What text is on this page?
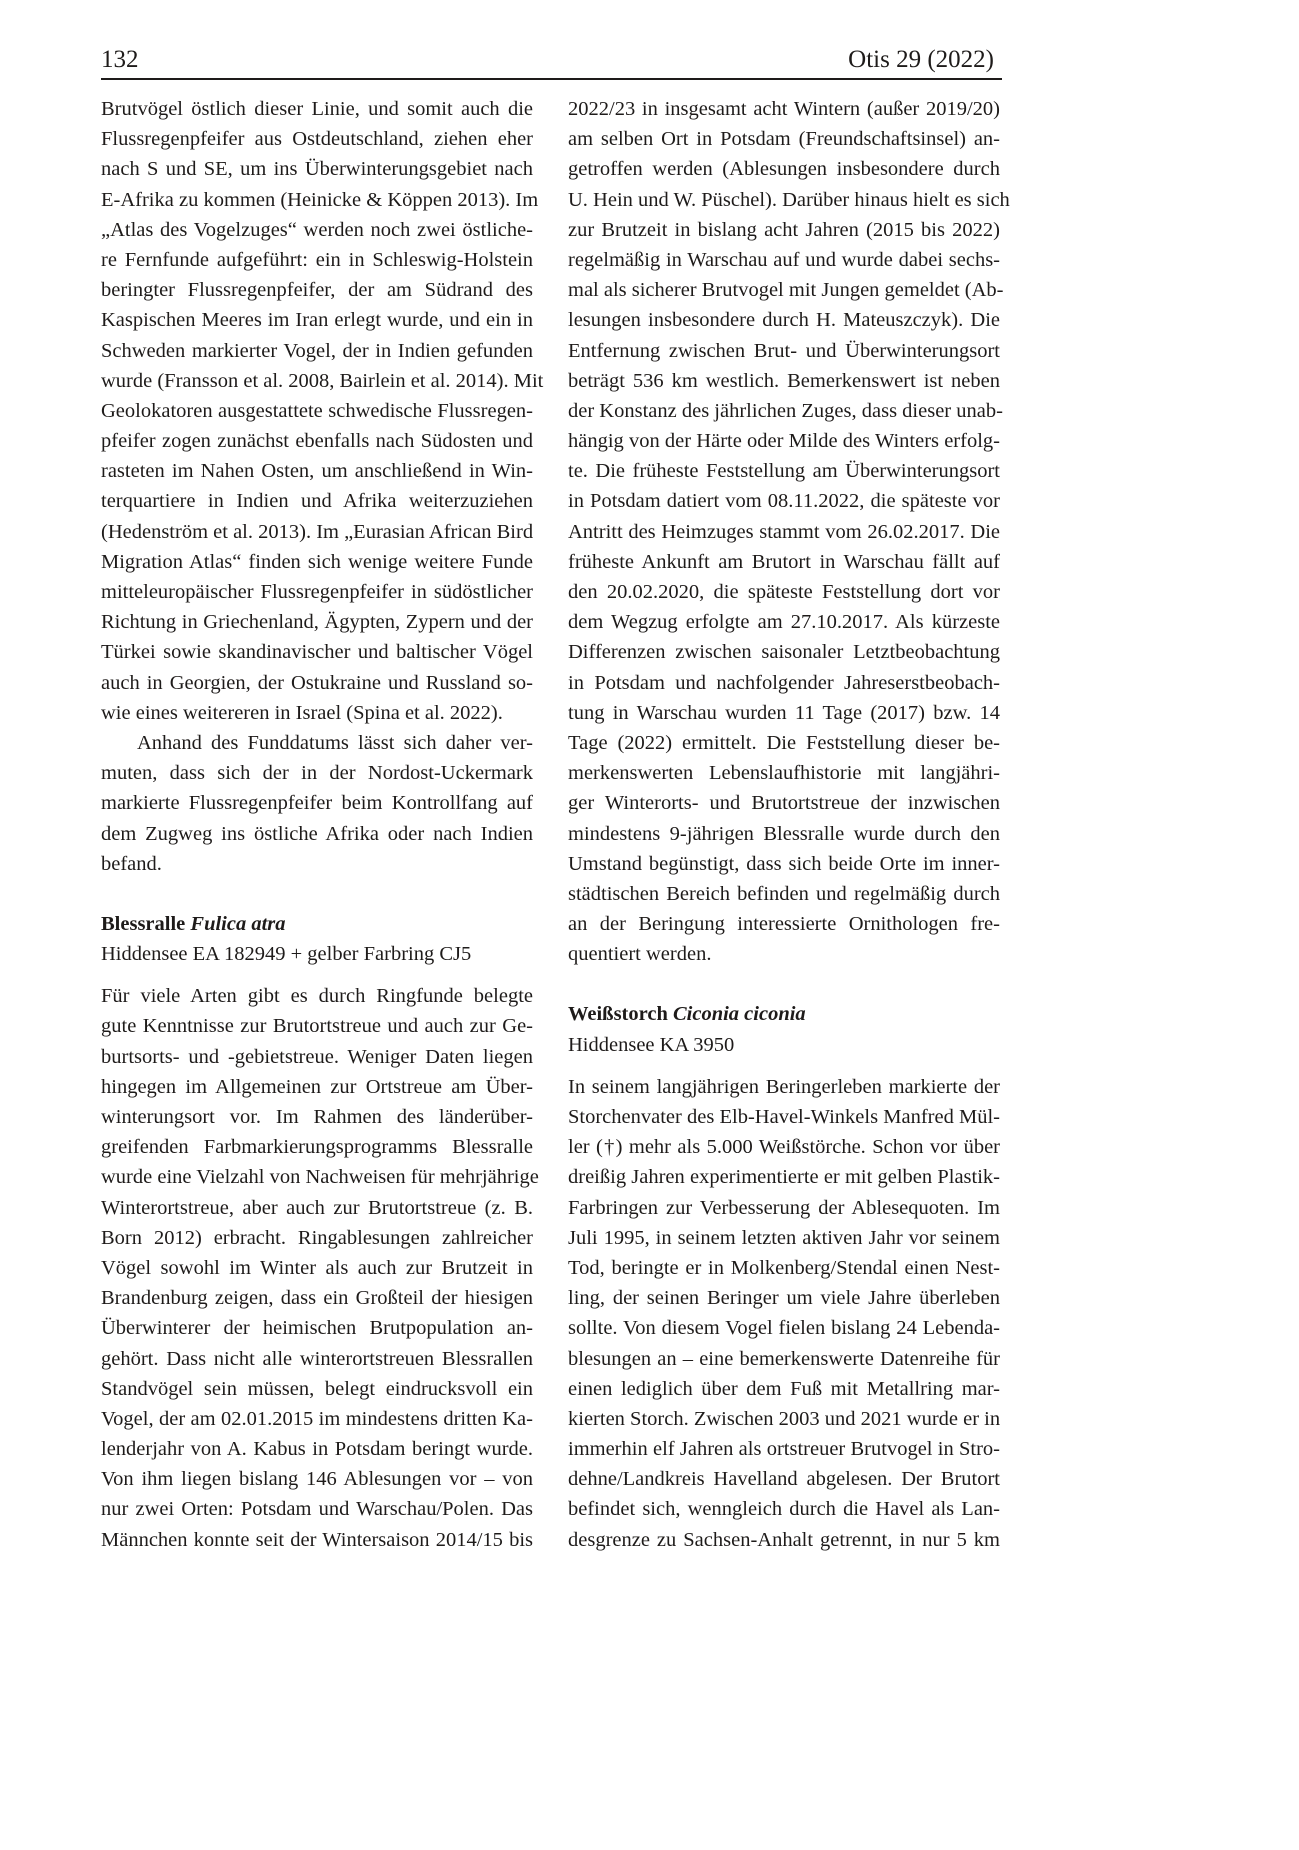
132	Otis 29 (2022)
Brutvögel östlich dieser Linie, und somit auch die
Flussregenpfeifer aus Ostdeutschland, ziehen eher
nach S und SE, um ins Überwinterungsgebiet nach
E-Afrika zu kommen (Heinicke & Köppen 2013). Im
„Atlas des Vogelzuges“ werden noch zwei östliche-
re Fernfunde aufgeführt: ein in Schleswig-Holstein
beringter Flussregenpfeifer, der am Südrand des
Kaspischen Meeres im Iran erlegt wurde, und ein in
Schweden markierter Vogel, der in Indien gefunden
wurde (Fransson et al. 2008, Bairlein et al. 2014). Mit
Geolokatoren ausgestattete schwedische Flussregen-
pfeifer zogen zunächst ebenfalls nach Südosten und
rasteten im Nahen Osten, um anschließend in Win-
terquartiere in Indien und Afrika weiterzuziehen
(Hedenström et al. 2013). Im „Eurasian African Bird
Migration Atlas“ finden sich wenige weitere Funde
mitteleuropäischer Flussregenpfeifer in südöstlicher
Richtung in Griechenland, Ägypten, Zypern und der
Türkei sowie skandinavischer und baltischer Vögel
auch in Georgien, der Ostukraine und Russland so-
wie eines weitereren in Israel (Spina et al. 2022).
Anhand des Funddatums lässt sich daher ver-
muten, dass sich der in der Nordost-Uckermark
markierte Flussregenpfeifer beim Kontrollfang auf
dem Zugweg ins östliche Afrika oder nach Indien
befand.
Blessralle Fulica atra
Hiddensee EA 182949 + gelber Farbring CJ5
Für viele Arten gibt es durch Ringfunde belegte
gute Kenntnisse zur Brutortstreue und auch zur Ge-
burtsorts- und -gebietstreue. Weniger Daten liegen
hingegen im Allgemeinen zur Ortstreue am Über-
winterungsort vor. Im Rahmen des länderüber-
greifenden Farbmarkierungsprogramms Blessralle
wurde eine Vielzahl von Nachweisen für mehrjährige
Winterortstreue, aber auch zur Brutortstreue (z. B.
Born 2012) erbracht. Ringablesungen zahlreicher
Vögel sowohl im Winter als auch zur Brutzeit in
Brandenburg zeigen, dass ein Großteil der hiesigen
Überwinterer der heimischen Brutpopulation an-
gehört. Dass nicht alle winterortstreuen Blessrallen
Standvögel sein müssen, belegt eindrucksvoll ein
Vogel, der am 02.01.2015 im mindestens dritten Ka-
lenderjahr von A. Kabus in Potsdam beringt wurde.
Von ihm liegen bislang 146 Ablesungen vor – von
nur zwei Orten: Potsdam und Warschau/Polen. Das
Männchen konnte seit der Wintersaison 2014/15 bis
2022/23 in insgesamt acht Wintern (außer 2019/20)
am selben Ort in Potsdam (Freundschaftsinsel) an-
getroffen werden (Ablesungen insbesondere durch
U. Hein und W. Püschel). Darüber hinaus hielt es sich
zur Brutzeit in bislang acht Jahren (2015 bis 2022)
regelmäßig in Warschau auf und wurde dabei sechs-
mal als sicherer Brutvogel mit Jungen gemeldet (Ab-
lesungen insbesondere durch H. Mateuszczyk). Die
Entfernung zwischen Brut- und Überwinterungsort
beträgt 536 km westlich. Bemerkenswert ist neben
der Konstanz des jährlichen Zuges, dass dieser unab-
hängig von der Härte oder Milde des Winters erfolg-
te. Die früheste Feststellung am Überwinterungsort
in Potsdam datiert vom 08.11.2022, die späteste vor
Antritt des Heimzuges stammt vom 26.02.2017. Die
früheste Ankunft am Brutort in Warschau fällt auf
den 20.02.2020, die späteste Feststellung dort vor
dem Wegzug erfolgte am 27.10.2017. Als kürzeste
Differenzen zwischen saisonaler Letztbeobachtung
in Potsdam und nachfolgender Jahreserstbeobach-
tung in Warschau wurden 11 Tage (2017) bzw. 14
Tage (2022) ermittelt. Die Feststellung dieser be-
merkenswerten Lebenslaufhistorie mit langjähri-
ger Winterorts- und Brutortstreue der inzwischen
mindestens 9-jährigen Blessralle wurde durch den
Umstand begünstigt, dass sich beide Orte im inner-
städtischen Bereich befinden und regelmäßig durch
an der Beringung interessierte Ornithologen fre-
quentiert werden.
Weißstorch Ciconia ciconia
Hiddensee KA 3950
In seinem langjährigen Beringerleben markierte der
Storchenvater des Elb-Havel-Winkels Manfred Mül-
ler (†) mehr als 5.000 Weißstörche. Schon vor über
dreißig Jahren experimentierte er mit gelben Plastik-
Farbringen zur Verbesserung der Ablesequoten. Im
Juli 1995, in seinem letzten aktiven Jahr vor seinem
Tod, beringte er in Molkenberg/Stendal einen Nest-
ling, der seinen Beringer um viele Jahre überleben
sollte. Von diesem Vogel fielen bislang 24 Lebenda-
blesungen an – eine bemerkenswerte Datenreihe für
einen lediglich über dem Fuß mit Metallring mar-
kierten Storch. Zwischen 2003 und 2021 wurde er in
immerhin elf Jahren als ortstreuer Brutvogel in Stro-
dehne/Landkreis Havelland abgelesen. Der Brutort
befindet sich, wenngleich durch die Havel als Lan-
desgrenze zu Sachsen-Anhalt getrennt, in nur 5 km
